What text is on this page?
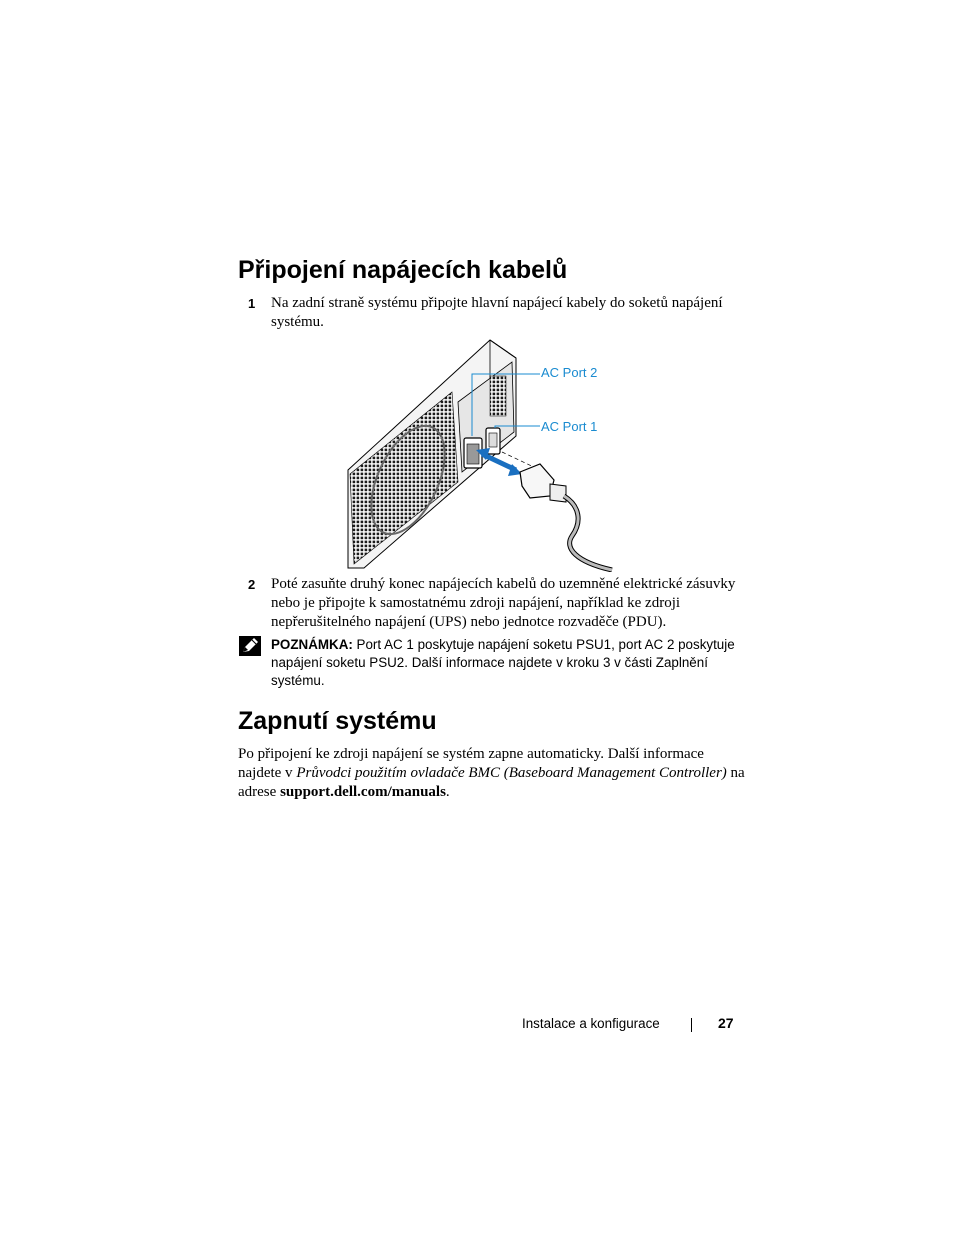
Připojení napájecích kabelů
1 Na zadní straně systému připojte hlavní napájecí kabely do soketů napájení systému.
AC Port 2
AC Port 1
2 Poté zasuňte druhý konec napájecích kabelů do uzemněné elektrické zásuvky nebo je připojte k samostatnému zdroji napájení, například ke zdroji nepřerušitelného napájení (UPS) nebo jednotce rozvaděče (PDU).
POZNÁMKA: Port AC 1 poskytuje napájení soketu PSU1, port AC 2 poskytuje napájení soketu PSU2. Další informace najdete v kroku 3 v části Zaplnění systému.
Zapnutí systému
Po připojení ke zdroji napájení se systém zapne automaticky. Další informace najdete v Průvodci použitím ovladače BMC (Baseboard Management Controller) na adrese support.dell.com/manuals.
Instalace a konfigurace	27
